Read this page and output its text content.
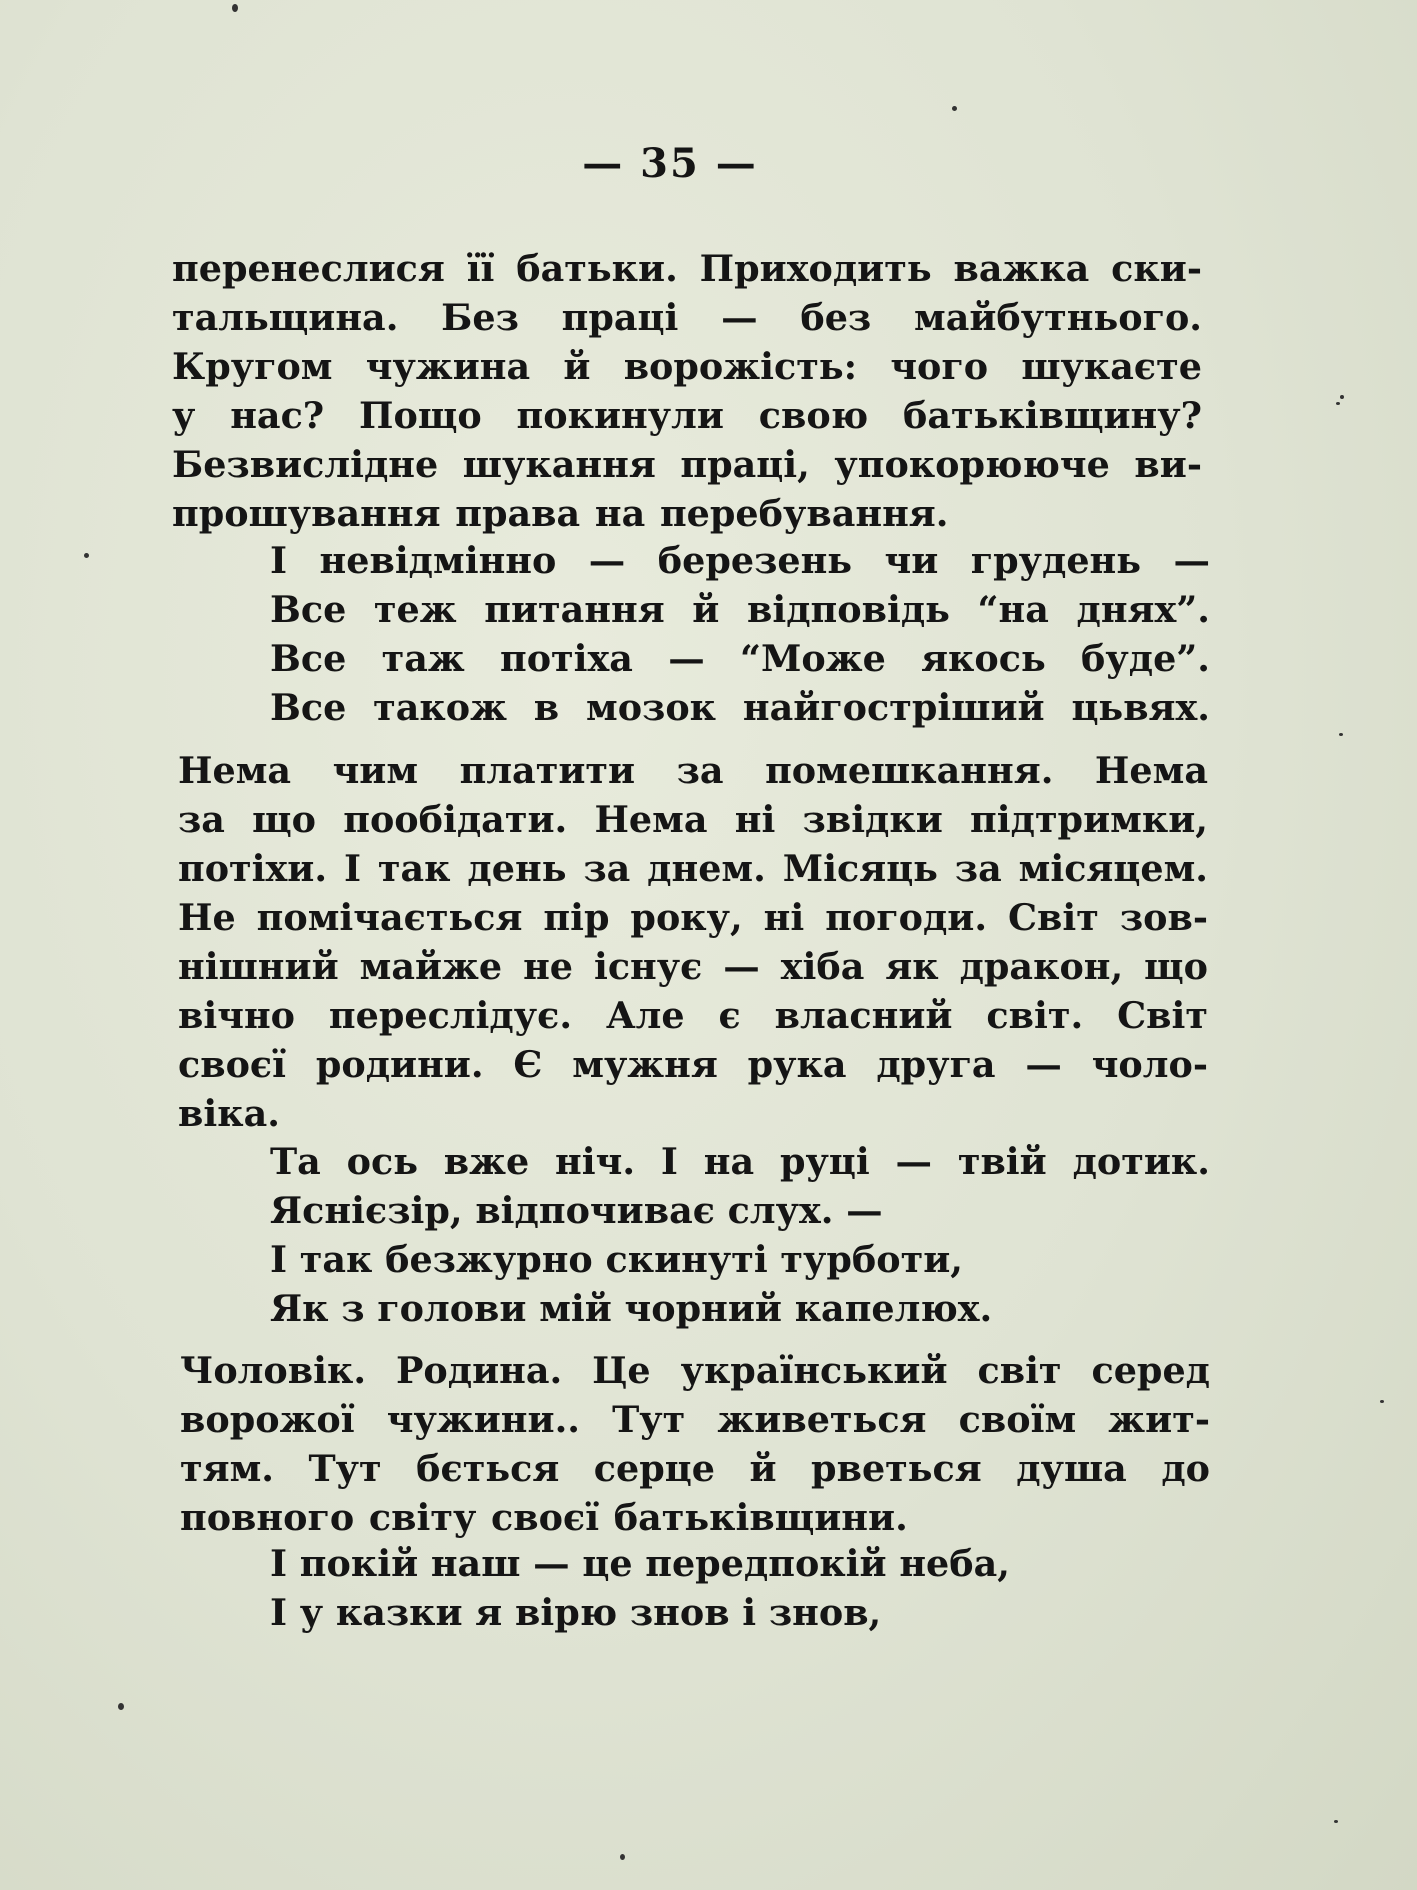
— 35 —
перенеслися її батьки. Приходить важка ски-
тальщина. Без праці — без майбутнього.
Кругом чужина й ворожість: чого шукаєте
у нас? Пощо покинули свою батьківщину?
Безвислідне шукання праці, упокорююче ви-
прошування права на перебування.
І невідмінно — березень чи грудень —
Все теж питання й відповідь “на днях”.
Все таж потіха — “Може якось буде”.
Все також в мозок найгостріший цьвях.
Нема чим платити за помешкання. Нема
за що пообідати. Нема ні звідки підтримки,
потіхи. І так день за днем. Місяць за місяцем.
Не помічається пір року, ні погоди. Світ зов-
нішний майже не існує — хіба як дракон, що
вічно переслідує. Але є власний світ. Світ
своєї родини. Є мужня рука друга — чоло-
віка.
Та ось вже ніч. І на руці — твій дотик.
Яснієзір, відпочиває слух. —
І так безжурно скинуті турботи,
Як з голови мій чорний капелюх.
Чоловік. Родина. Це український світ серед
ворожої чужини.. Тут живеться своїм жит-
тям. Тут бється серце й рветься душа до
повного світу своєї батьківщини.
І покій наш — це передпокій неба,
І у казки я вірю знов і знов,
